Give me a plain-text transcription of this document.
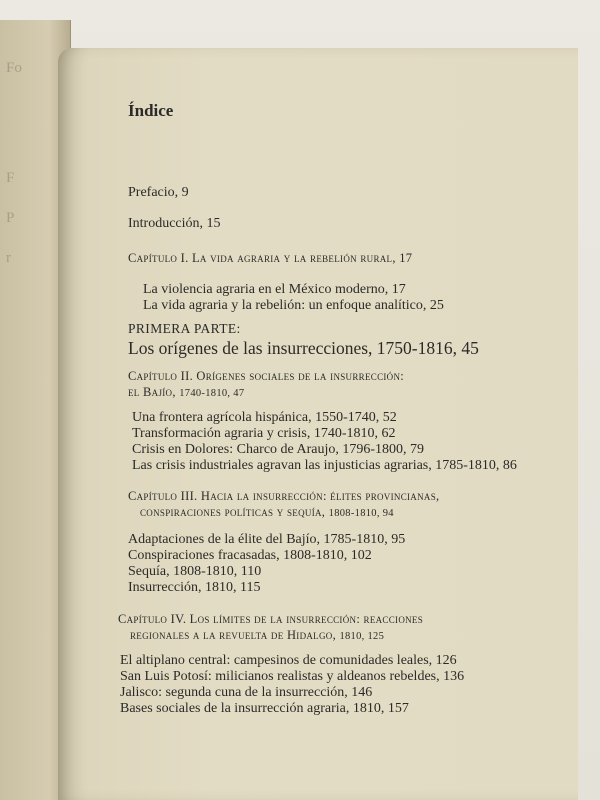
Fo
F
P
r
Índice
Prefacio, 9
Introducción, 15
Capítulo I. La vida agraria y la rebelión rural, 17
La violencia agraria en el México moderno, 17
La vida agraria y la rebelión: un enfoque analítico, 25
PRIMERA PARTE:
Los orígenes de las insurrecciones, 1750-1816, 45
Capítulo II. Orígenes sociales de la insurrección:
el Bajío, 1740-1810, 47
Una frontera agrícola hispánica, 1550-1740, 52
Transformación agraria y crisis, 1740-1810, 62
Crisis en Dolores: Charco de Araujo, 1796-1800, 79
Las crisis industriales agravan las injusticias agrarias, 1785-1810, 86
Capítulo III. Hacia la insurrección: élites provincianas,
conspiraciones políticas y sequía, 1808-1810, 94
Adaptaciones de la élite del Bajío, 1785-1810, 95
Conspiraciones fracasadas, 1808-1810, 102
Sequía, 1808-1810, 110
Insurrección, 1810, 115
Capítulo IV. Los límites de la insurrección: reacciones
regionales a la revuelta de Hidalgo, 1810, 125
El altiplano central: campesinos de comunidades leales, 126
San Luis Potosí: milicianos realistas y aldeanos rebeldes, 136
Jalisco: segunda cuna de la insurrección, 146
Bases sociales de la insurrección agraria, 1810, 157
